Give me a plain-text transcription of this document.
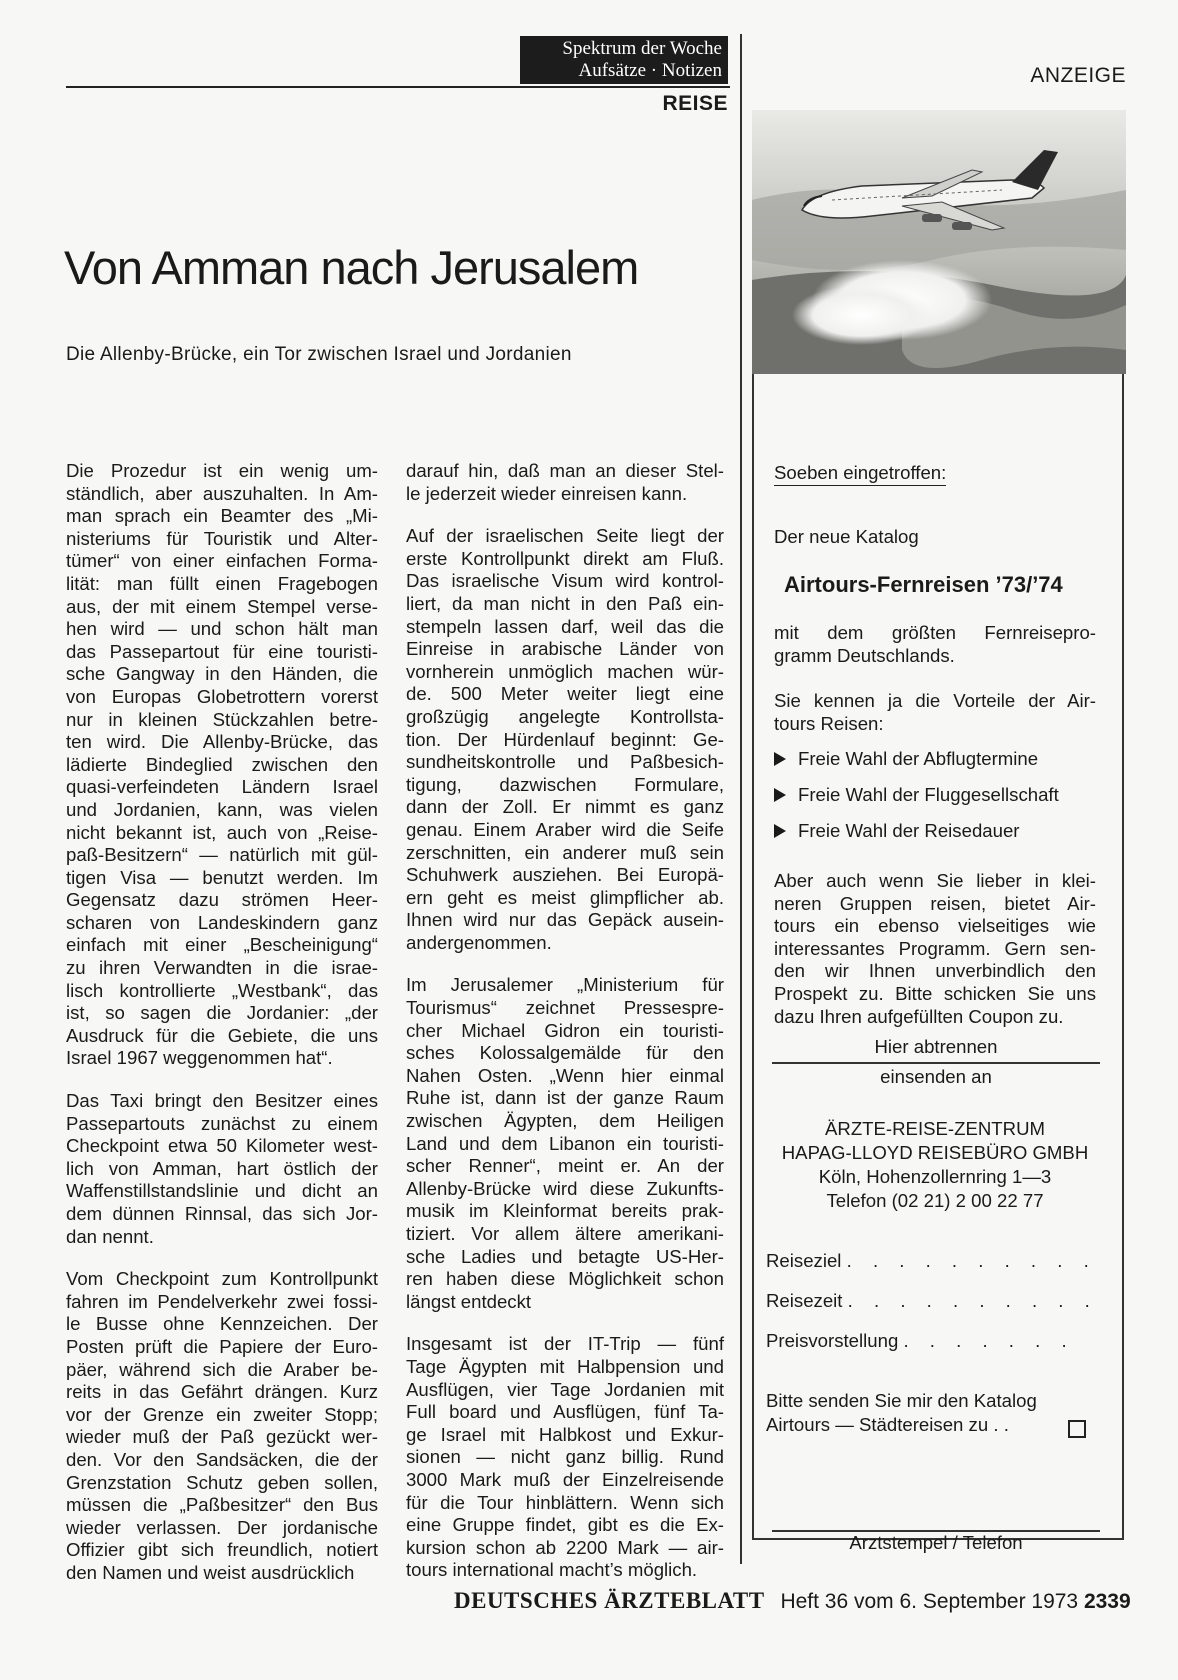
Spektrum der Woche
Aufsätze · Notizen
REISE
ANZEIGE
Von Amman nach Jerusalem
Die Allenby-Brücke, ein Tor zwischen Israel und Jordanien

Die Prozedur ist ein wenig um-
ständlich, aber auszuhalten. In Am-
man sprach ein Beamter des „Mi-
nisteriums für Touristik und Alter-
tümer“ von einer einfachen Forma-
lität: man füllt einen Fragebogen
aus, der mit einem Stempel verse-
hen wird — und schon hält man
das Passepartout für eine touristi-
sche Gangway in den Händen, die
von Europas Globetrottern vorerst
nur in kleinen Stückzahlen betre-
ten wird. Die Allenby-Brücke, das
lädierte Bindeglied zwischen den
quasi-verfeindeten Ländern Israel
und Jordanien, kann, was vielen
nicht bekannt ist, auch von „Reise-
paß-Besitzern“ — natürlich mit gül-
tigen Visa — benutzt werden. Im
Gegensatz dazu strömen Heer-
scharen von Landeskindern ganz
einfach mit einer „Bescheinigung“
zu ihren Verwandten in die israe-
lisch kontrollierte „Westbank“, das
ist, so sagen die Jordanier: „der
Ausdruck für die Gebiete, die uns
Israel 1967 weggenommen hat“.

Das Taxi bringt den Besitzer eines
Passepartouts zunächst zu einem
Checkpoint etwa 50 Kilometer west-
lich von Amman, hart östlich der
Waffenstillstandslinie und dicht an
dem dünnen Rinnsal, das sich Jor-
dan nennt.

Vom Checkpoint zum Kontrollpunkt
fahren im Pendelverkehr zwei fossi-
le Busse ohne Kennzeichen. Der
Posten prüft die Papiere der Euro-
päer, während sich die Araber be-
reits in das Gefährt drängen. Kurz
vor der Grenze ein zweiter Stopp;
wieder muß der Paß gezückt wer-
den. Vor den Sandsäcken, die der
Grenzstation Schutz geben sollen,
müssen die „Paßbesitzer“ den Bus
wieder verlassen. Der jordanische
Offizier gibt sich freundlich, notiert
den Namen und weist ausdrücklich

darauf hin, daß man an dieser Stel-
le jederzeit wieder einreisen kann.

Auf der israelischen Seite liegt der
erste Kontrollpunkt direkt am Fluß.
Das israelische Visum wird kontrol-
liert, da man nicht in den Paß ein-
stempeln lassen darf, weil das die
Einreise in arabische Länder von
vornherein unmöglich machen wür-
de. 500 Meter weiter liegt eine
großzügig angelegte Kontrollsta-
tion. Der Hürdenlauf beginnt: Ge-
sundheitskontrolle und Paßbesich-
tigung, dazwischen Formulare,
dann der Zoll. Er nimmt es ganz
genau. Einem Araber wird die Seife
zerschnitten, ein anderer muß sein
Schuhwerk ausziehen. Bei Europä-
ern geht es meist glimpflicher ab.
Ihnen wird nur das Gepäck ausein-
andergenommen.

Im Jerusalemer „Ministerium für
Tourismus“ zeichnet Pressespre-
cher Michael Gidron ein touristi-
sches Kolossalgemälde für den
Nahen Osten. „Wenn hier einmal
Ruhe ist, dann ist der ganze Raum
zwischen Ägypten, dem Heiligen
Land und dem Libanon ein touristi-
scher Renner“, meint er. An der
Allenby-Brücke wird diese Zukunfts-
musik im Kleinformat bereits prak-
tiziert. Vor allem ältere amerikani-
sche Ladies und betagte US-Her-
ren haben diese Möglichkeit schon
längst entdeckt

Insgesamt ist der IT-Trip — fünf
Tage Ägypten mit Halbpension und
Ausflügen, vier Tage Jordanien mit
Full board und Ausflügen, fünf Ta-
ge Israel mit Halbkost und Exkur-
sionen — nicht ganz billig. Rund
3000 Mark muß der Einzelreisende
für die Tour hinblättern. Wenn sich
eine Gruppe findet, gibt es die Ex-
kursion schon ab 2200 Mark — air-
tours international macht’s möglich.

Soeben eingetroffen:
Der neue Katalog
Airtours-Fernreisen ’73/’74
mit dem größten Fernreisepro-
gramm Deutschlands.
Sie kennen ja die Vorteile der Air-
tours Reisen:
Freie Wahl der Abflugtermine
Freie Wahl der Fluggesellschaft
Freie Wahl der Reisedauer
Aber auch wenn Sie lieber in klei-
neren Gruppen reisen, bietet Air-
tours ein ebenso vielseitiges wie
interessantes Programm. Gern sen-
den wir Ihnen unverbindlich den
Prospekt zu. Bitte schicken Sie uns
dazu Ihren aufgefüllten Coupon zu.
Hier abtrennen
einsenden an
ÄRZTE-REISE-ZENTRUM
HAPAG-LLOYD REISEBÜRO GMBH
Köln, Hohenzollernring 1—3
Telefon (02 21) 2 00 22 77
Reiseziel . . . . . . . . . .
Reisezeit . . . . . . . . . .
Preisvorstellung . . . . . . .
Bitte senden Sie mir den Katalog
Airtours — Städtereisen zu . .
Arztstempel / Telefon
DEUTSCHES ÄRZTEBLATT Heft 36 vom 6. September 1973 2339
